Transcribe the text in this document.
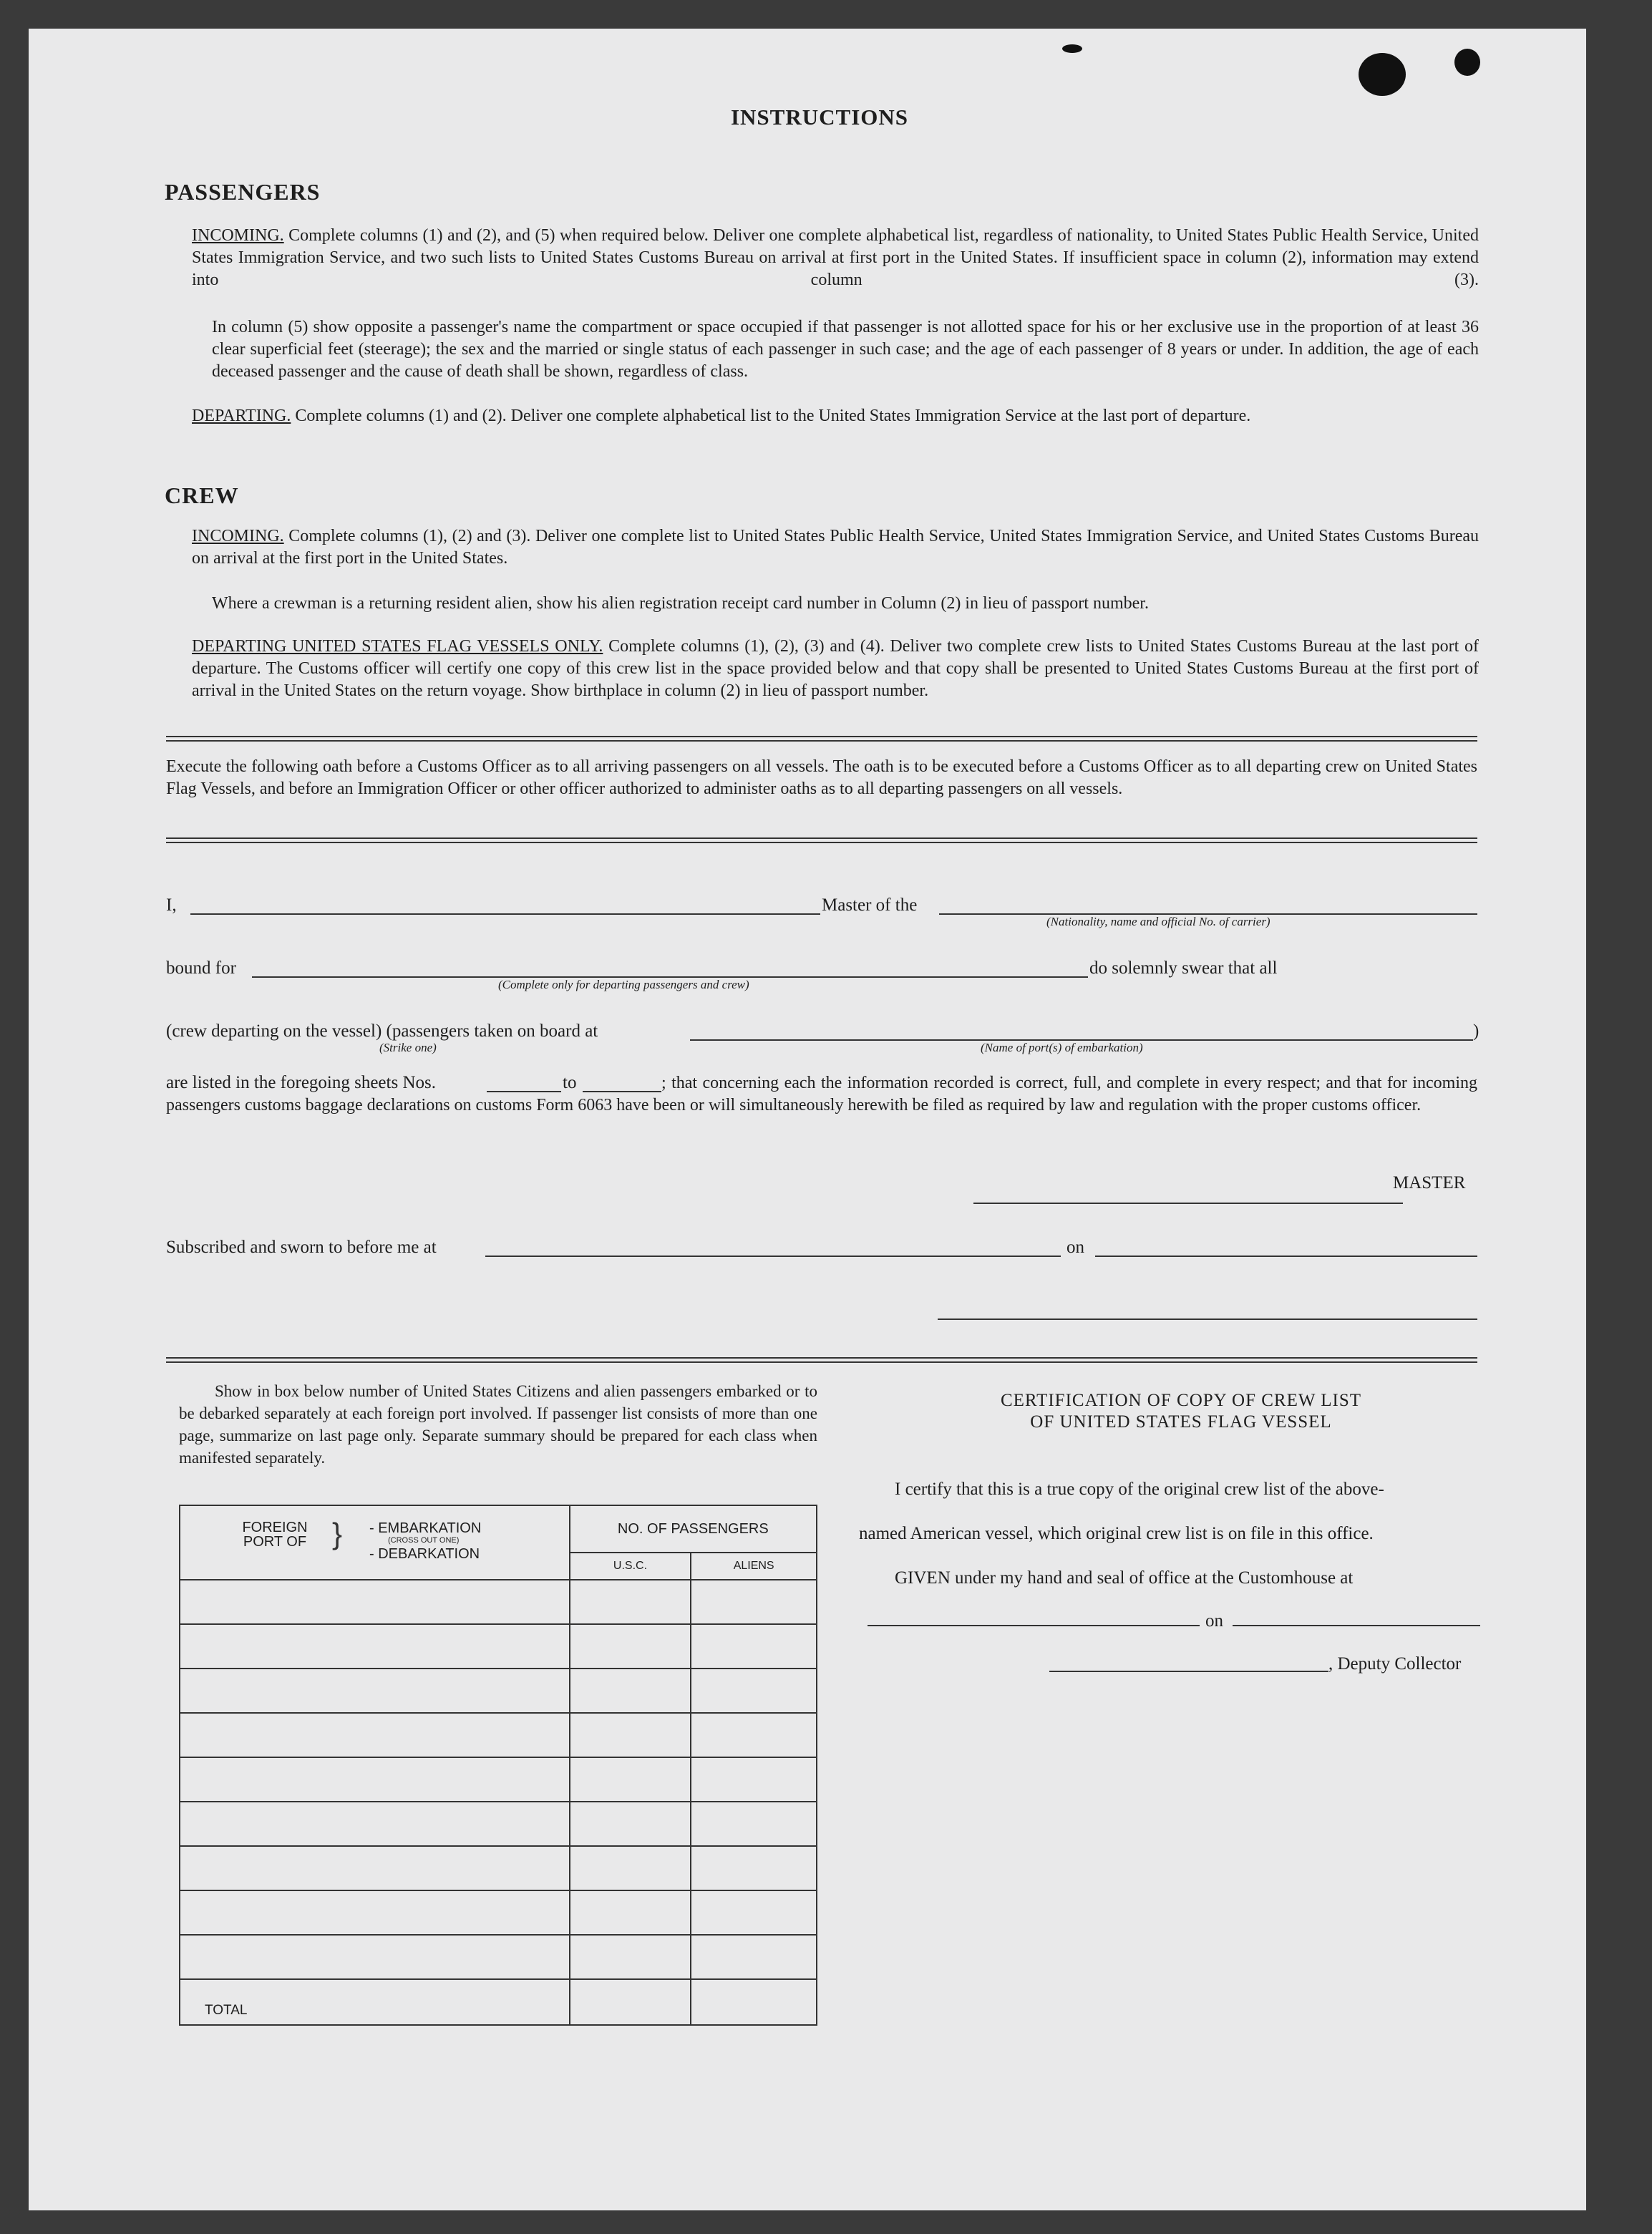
INSTRUCTIONS
PASSENGERS
INCOMING. Complete columns (1) and (2), and (5) when required below. Deliver one complete alphabetical list, regardless of nationality, to United States Public Health Service, United States Immigration Service, and two such lists to United States Customs Bureau on arrival at first port in the United States. If insufficient space in column (2), information may extend into column (3).
In column (5) show opposite a passenger's name the compartment or space occupied if that passenger is not allotted space for his or her exclusive use in the proportion of at least 36 clear superficial feet (steerage); the sex and the married or single status of each passenger in such case; and the age of each passenger of 8 years or under. In addition, the age of each deceased passenger and the cause of death shall be shown, regardless of class.
DEPARTING. Complete columns (1) and (2). Deliver one complete alphabetical list to the United States Immigration Service at the last port of departure.
CREW
INCOMING. Complete columns (1), (2) and (3). Deliver one complete list to United States Public Health Service, United States Immigration Service, and United States Customs Bureau on arrival at the first port in the United States.
Where a crewman is a returning resident alien, show his alien registration receipt card number in Column (2) in lieu of passport number.
DEPARTING UNITED STATES FLAG VESSELS ONLY. Complete columns (1), (2), (3) and (4). Deliver two complete crew lists to United States Customs Bureau at the last port of departure. The Customs officer will certify one copy of this crew list in the space provided below and that copy shall be presented to United States Customs Bureau at the first port of arrival in the United States on the return voyage. Show birthplace in column (2) in lieu of passport number.
Execute the following oath before a Customs Officer as to all arriving passengers on all vessels. The oath is to be executed before a Customs Officer as to all departing crew on United States Flag Vessels, and before an Immigration Officer or other officer authorized to administer oaths as to all departing passengers on all vessels.
I,	Master of the
(Nationality, name and official No. of carrier)
bound for
(Complete only for departing passengers and crew)
do solemnly swear that all
(crew departing on the vessel) (passengers taken on board at	)
(Strike one)	(Name of port(s) of embarkation)
are listed in the foregoing sheets Nos.	to	; that concerning each the information recorded is correct, full, and complete in every respect; and that for incoming passengers customs baggage declarations on customs Form 6063 have been or will simultaneously herewith be filed as required by law and regulation with the proper customs officer.
MASTER
Subscribed and sworn to before me at	on
Show in box below number of United States Citizens and alien passengers embarked or to be debarked separately at each foreign port involved. If passenger list consists of more than one page, summarize on last page only. Separate summary should be prepared for each class when manifested separately.
FOREIGN PORT OF } - EMBARKATION
(CROSS OUT ONE)
- DEBARKATION	NO. OF PASSENGERS	
	U.S.C.	ALIENS

TOTAL		
CERTIFICATION OF COPY OF CREW LIST
OF UNITED STATES FLAG VESSEL
I certify that this is a true copy of the original crew list of the above-
named American vessel, which original crew list is on file in this office.
GIVEN under my hand and seal of office at the Customhouse at
on
, Deputy Collector
